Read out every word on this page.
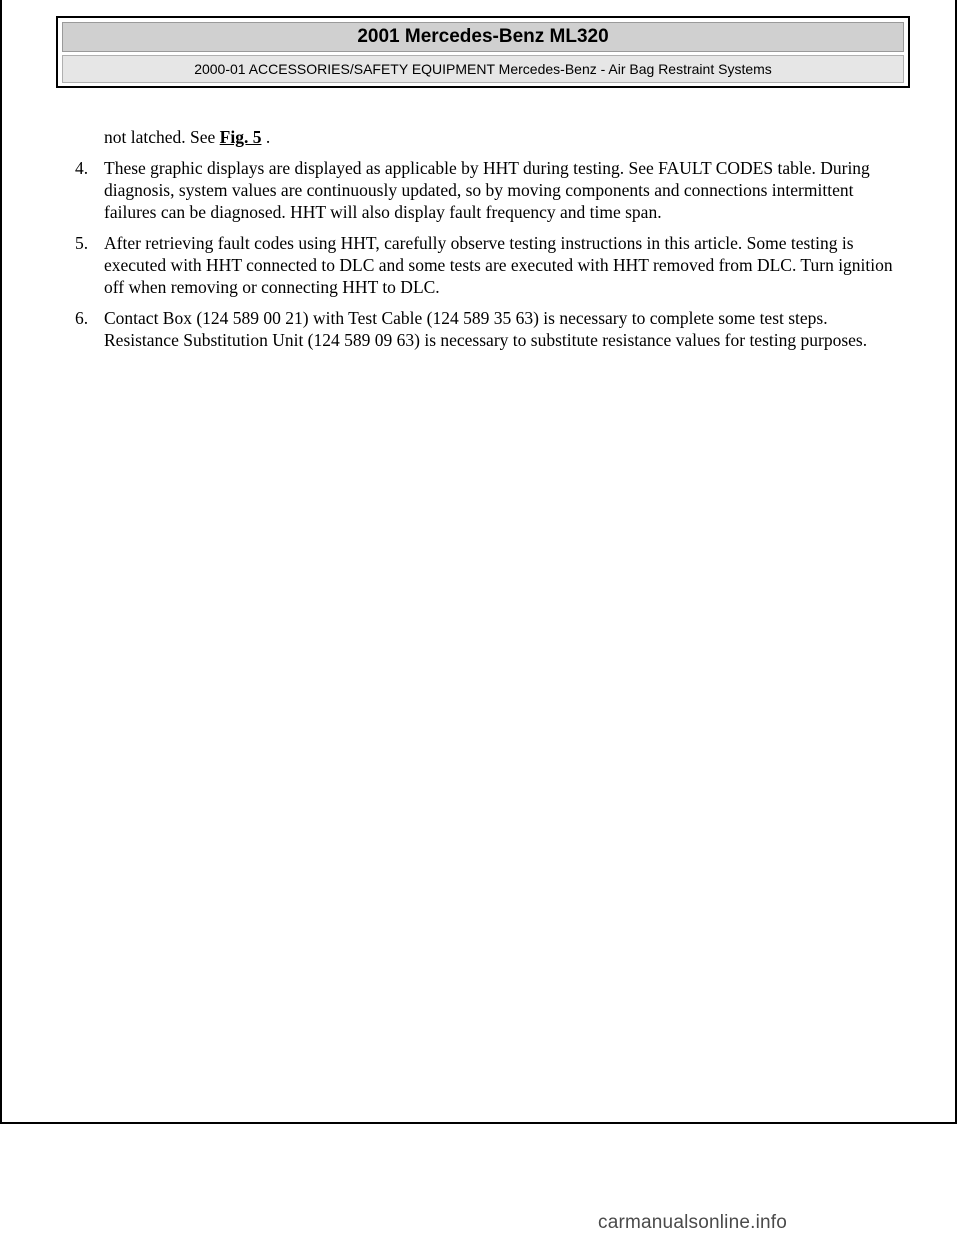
2001 Mercedes-Benz ML320
2000-01 ACCESSORIES/SAFETY EQUIPMENT Mercedes-Benz - Air Bag Restraint Systems

not latched. See Fig. 5 .

4. These graphic displays are displayed as applicable by HHT during testing. See FAULT CODES table. During diagnosis, system values are continuously updated, so by moving components and connections intermittent failures can be diagnosed. HHT will also display fault frequency and time span.
5. After retrieving fault codes using HHT, carefully observe testing instructions in this article. Some testing is executed with HHT connected to DLC and some tests are executed with HHT removed from DLC. Turn ignition off when removing or connecting HHT to DLC.
6. Contact Box (124 589 00 21) with Test Cable (124 589 35 63) is necessary to complete some test steps. Resistance Substitution Unit (124 589 09 63) is necessary to substitute resistance values for testing purposes.
carmanualsonline.info
